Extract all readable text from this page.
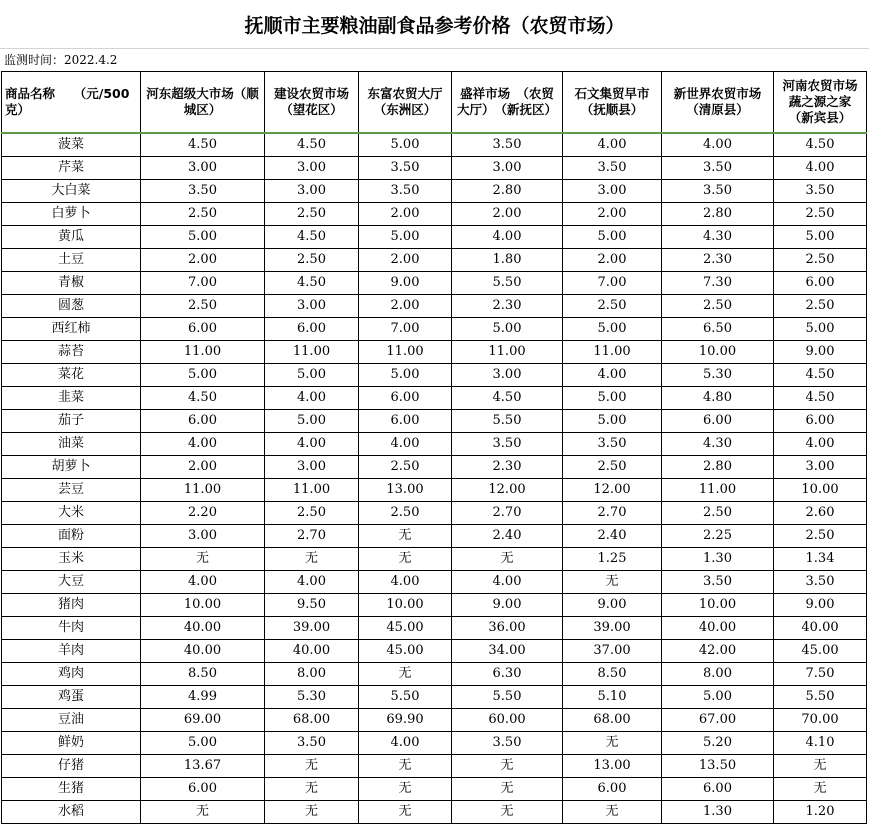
抚顺市主要粮油副食品参考价格（农贸市场）
监测时间：2022.4.2
商品名称　　（元/500克）	河东超级大市场（顺城区）	建设农贸市场（望花区）	东富农贸大厅（东洲区）	盛祥市场　（农贸大厅）　（新抚区）	石文集贸早市（抚顺县）	新世界农贸市场（清原县）	河南农贸市场蔬之源之家（新宾县）
菠菜	4.50	4.50	5.00	3.50	4.00	4.00	4.50
芹菜	3.00	3.00	3.50	3.00	3.50	3.50	4.00
大白菜	3.50	3.00	3.50	2.80	3.00	3.50	3.50
白萝卜	2.50	2.50	2.00	2.00	2.00	2.80	2.50
黄瓜	5.00	4.50	5.00	4.00	5.00	4.30	5.00
土豆	2.00	2.50	2.00	1.80	2.00	2.30	2.50
青椒	7.00	4.50	9.00	5.50	7.00	7.30	6.00
圆葱	2.50	3.00	2.00	2.30	2.50	2.50	2.50
西红柿	6.00	6.00	7.00	5.00	5.00	6.50	5.00
蒜苔	11.00	11.00	11.00	11.00	11.00	10.00	9.00
菜花	5.00	5.00	5.00	3.00	4.00	5.30	4.50
韭菜	4.50	4.00	6.00	4.50	5.00	4.80	4.50
茄子	6.00	5.00	6.00	5.50	5.00	6.00	6.00
油菜	4.00	4.00	4.00	3.50	3.50	4.30	4.00
胡萝卜	2.00	3.00	2.50	2.30	2.50	2.80	3.00
芸豆	11.00	11.00	13.00	12.00	12.00	11.00	10.00
大米	2.20	2.50	2.50	2.70	2.70	2.50	2.60
面粉	3.00	2.70	无	2.40	2.40	2.25	2.50
玉米	无	无	无	无	1.25	1.30	1.34
大豆	4.00	4.00	4.00	4.00	无	3.50	3.50
猪肉	10.00	9.50	10.00	9.00	9.00	10.00	9.00
牛肉	40.00	39.00	45.00	36.00	39.00	40.00	40.00
羊肉	40.00	40.00	45.00	34.00	37.00	42.00	45.00
鸡肉	8.50	8.00	无	6.30	8.50	8.00	7.50
鸡蛋	4.99	5.30	5.50	5.50	5.10	5.00	5.50
豆油	69.00	68.00	69.90	60.00	68.00	67.00	70.00
鲜奶	5.00	3.50	4.00	3.50	无	5.20	4.10
仔猪	13.67	无	无	无	13.00	13.50	无
生猪	6.00	无	无	无	6.00	6.00	无
水稻	无	无	无	无	无	1.30	1.20
